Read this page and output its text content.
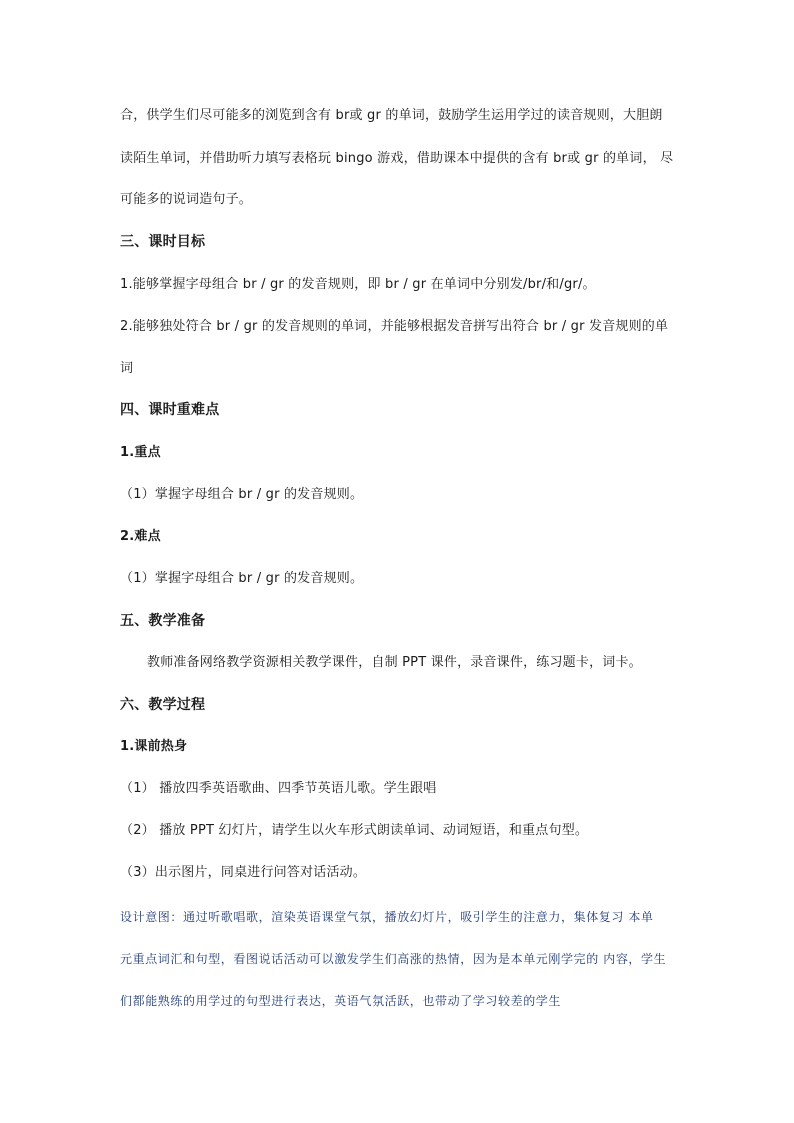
合，供学生们尽可能多的浏览到含有 br或 gr 的单词，鼓励学生运用学过的读音规则，大胆朗
读陌生单词，并借助听力填写表格玩 bingo 游戏，借助课本中提供的含有 br或 gr 的单词， 尽
可能多的说词造句子。
三、课时目标
1.能够掌握字母组合 br / gr 的发音规则，即 br / gr 在单词中分别发/br/和/gr/。
2.能够独处符合 br / gr 的发音规则的单词，并能够根据发音拼写出符合 br / gr 发音规则的单
词
四、课时重难点
1.重点
（1）掌握字母组合 br / gr 的发音规则。
2.难点
（1）掌握字母组合 br / gr 的发音规则。
五、教学准备
教师准备网络教学资源相关教学课件，自制 PPT 课件，录音课件，练习题卡，词卡。
六、教学过程
1.课前热身
（1） 播放四季英语歌曲、四季节英语儿歌。学生跟唱
（2） 播放 PPT 幻灯片，请学生以火车形式朗读单词、动词短语，和重点句型。
（3）出示图片，同桌进行问答对话活动。
设计意图：通过听歌唱歌，渲染英语课堂气氛，播放幻灯片，吸引学生的注意力，集体复习 本单
元重点词汇和句型，看图说话活动可以激发学生们高涨的热情，因为是本单元刚学完的 内容，学生
们都能熟练的用学过的句型进行表达，英语气氛活跃，也带动了学习较差的学生
